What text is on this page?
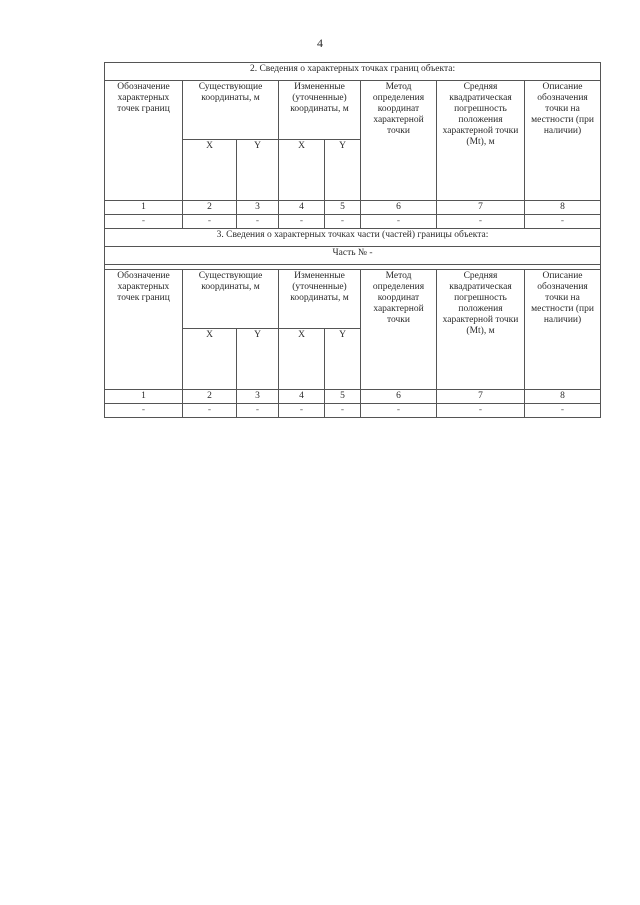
4
2. Сведения о характерных точках границ объекта:							
Обозначение характерных точек границ	Существующие координаты, м		Измененные (уточненные) координаты, м		Метод определения координат характерной точки	Средняя квадратическая погрешность положения характерной точки (Mt), м	Описание обозначения точки на местности (при наличии)
	X	Y	X	Y			
1	2	3	4	5	6	7	8
-	-	-	-	-	-	-	-
3. Сведения о характерных точках части (частей) границы объекта:							
Часть № -							

Обозначение характерных точек границ	Существующие координаты, м		Измененные (уточненные) координаты, м		Метод определения координат характерной точки	Средняя квадратическая погрешность положения характерной точки (Mt), м	Описание обозначения точки на местности (при наличии)
	X	Y	X	Y			
1	2	3	4	5	6	7	8
-	-	-	-	-	-	-	-
